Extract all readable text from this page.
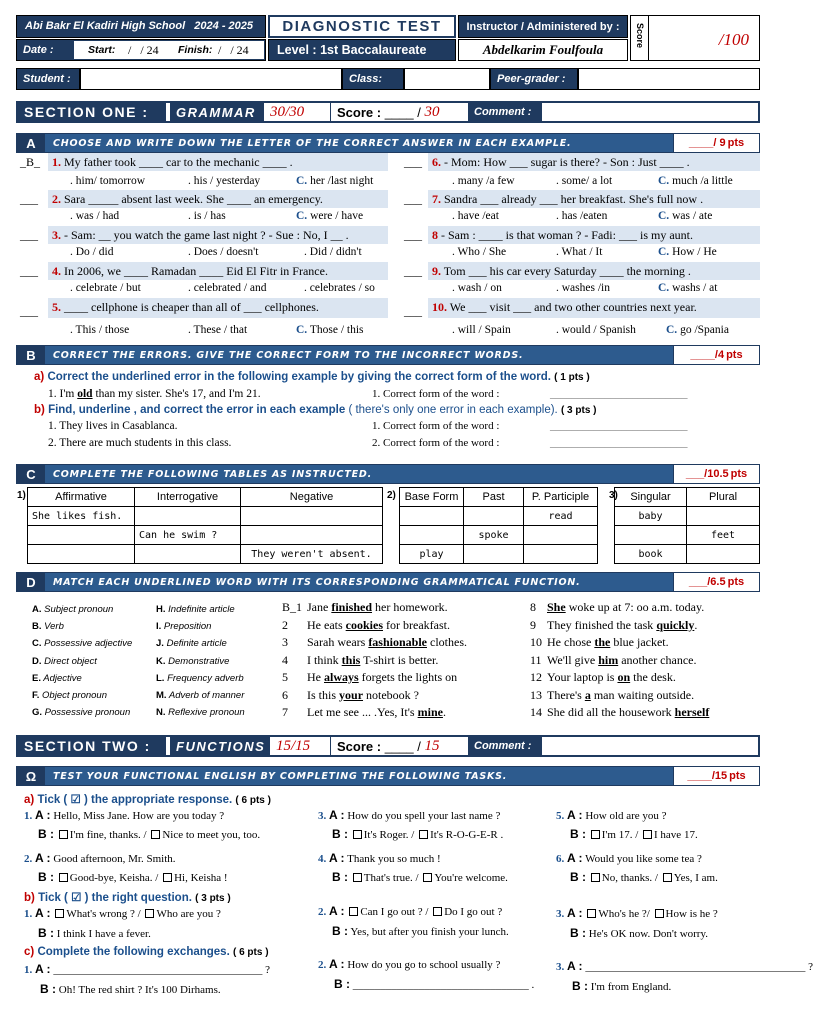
Abi Bakr El Kadiri High School   2024 - 2025
Date :	Start: /   / 24 Finish: /   / 24
DIAGNOSTIC TEST
Level : 1st Baccalaureate
Instructor / Administered by :
Abdelkarim Foulfoula
Score	/100
Student :	Class:	Peer-grader :
SECTION ONE : GRAMMAR 30/30	Score :
____ / 30	Comment :
A	CHOOSE AND WRITE DOWN THE LETTER OF THE CORRECT ANSWER IN EACH EXAMPLE.	____/ 9 pts
_B_ 1. My father took ____ car to the mechanic ____ .
. him/ tomorrow	. his / yesterday	C. her /last night
___ 2. Sara _____ absent last week. She ____ an emergency.
. was / had	. is / has	C. were / have
___ 3. - Sam: __ you watch the game last night ? - Sue : No, I __ .
. Do / did	. Does / doesn't	. Did / didn't
___ 4. In 2006, we ____ Ramadan ____ Eid El Fitr in France.
. celebrate / but	. celebrated / and	. celebrates / so
___ 5. ____ cellphone is cheaper than all of ___ cellphones.
. This / those	. These / that	C. Those / this
___ 6. - Mom: How ___ sugar is there? - Son : Just ____ .
. many /a few	. some/ a lot	C. much /a little
___ 7. Sandra ___ already ___ her breakfast. She's full now .
. have /eat	. has /eaten	C. was / ate
___ 8 - Sam : ____ is that woman ? - Fadi: ___ is my aunt.
. Who / She	. What / It	C. How / He
___ 9. Tom ___ his car every Saturday ____ the morning .
. wash / on	. washes /in	C. washs / at
___ 10. We ___ visit ___ and two other countries next year.
. will / Spain	. would / Spanish	C. go /Spania
B	CORRECT THE ERRORS. GIVE THE CORRECT FORM TO THE INCORRECT WORDS.	____/4 pts
a) Correct the underlined error in the following example by giving the correct form of the word. ( 1 pts )
1. I'm old than my sister. She's 17, and I'm 21.	1. Correct form of the word :	_________________________
b) Find, underline , and correct the error in each example ( there's only one error in each example). ( 3 pts )
1. They lives in Casablanca.	1. Correct form of the word :	_________________________
2. There are much students in this class.	2. Correct form of the word :	_________________________
C	COMPLETE THE FOLLOWING TABLES AS INSTRUCTED.	___/10.5 pts
1)	Affirmative	Interrogative	Negative
She likes fish.		
	Can he swim ?	
		They weren't absent.
2) Base Form	Past	P. Participle
		read
	spoke	
play		
3) Singular	Plural
baby	
	feet
book	
D	MATCH EACH UNDERLINED WORD WITH ITS CORRESPONDING GRAMMATICAL FUNCTION.	___/6.5 pts
A. Subject pronoun
B. Verb
C. Possessive adjective
D. Direct object
E. Adjective
F. Object pronoun
G. Possessive pronoun
H. Indefinite article
I. Preposition
J. Definite article
K. Demonstrative
L. Frequency adverb
M. Adverb of manner
N. Reflexive pronoun
B_1 Jane finished her homework.
2 He eats cookies for breakfast.
3 Sarah wears fashionable clothes.
4 I think this T-shirt is better.
5 He always forgets the lights on
6 Is this your notebook ?
7 Let me see ... .Yes, It's mine.
8 She woke up at 7: oo a.m. today.
9 They finished the task quickly.
10 He chose the blue jacket.
11 We'll give him another chance.
12 Your laptop is on the desk.
13 There's a man waiting outside.
14 She did all the housework herself
SECTION TWO : FUNCTIONS 15/15 Score :
____ / 15	Comment :
Ω	TEST YOUR FUNCTIONAL ENGLISH BY COMPLETING THE FOLLOWING TASKS.	____/15 pts
a) Tick ( ☑ ) the appropriate response. ( 6 pts )
b) Tick ( ☑ ) the right question. ( 3 pts )
c) Complete the following exchanges. ( 6 pts )
1. A : Hello, Miss Jane. How are you today ?
B : I'm fine, thanks. / Nice to meet you, too.
2. A : Good afternoon, Mr. Smith.
B : Good-bye, Keisha. / Hi, Keisha !
3. A : How do you spell your last name ?
B : It's Roger. / It's R-O-G-E-R .
4. A : Thank you so much !
B : That's true. / You're welcome.
5. A : How old are you ?
B : I'm 17. / I have 17.
6. A : Would you like some tea ?
B : No, thanks. / Yes, I am.
1. A : What's wrong ? / Who are you ?
B : I think I have a fever.
2. A : Can I go out ? / Do I go out ?
B : Yes, but after you finish your lunch.
3. A : Who's he ?/ How is he ?
B : He's OK now. Don't worry.
1. A : ______________________________________ ?
B : Oh! The red shirt ? It's 100 Dirhams.
2. A : How do you go to school usually ?
B : ________________________________ .
3. A : ________________________________________ ?
B : I'm from England.
